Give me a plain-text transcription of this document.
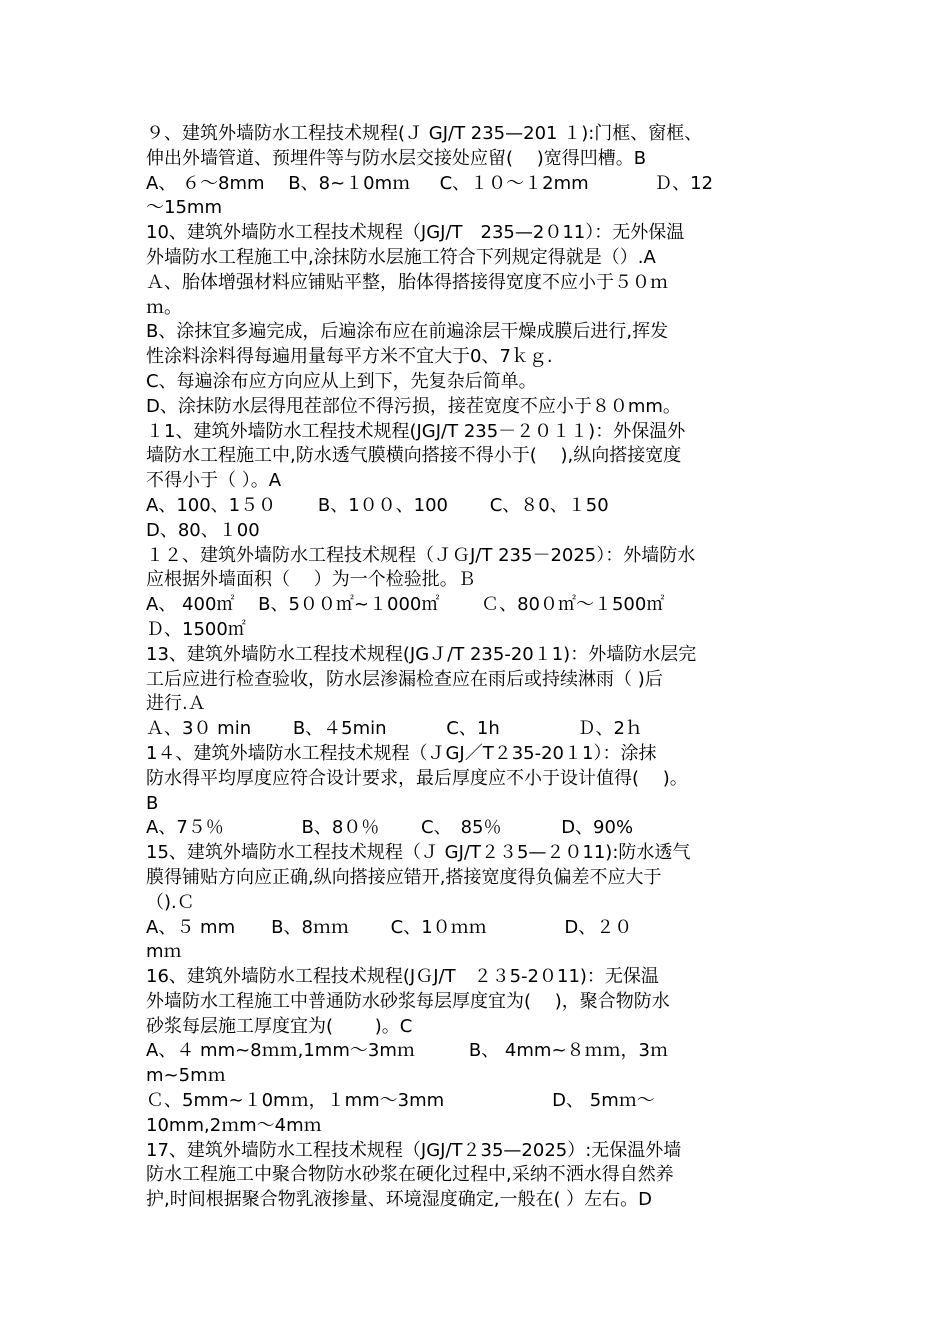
９、建筑外墙防水工程技术规程(Ｊ GJ/T 235—201 １):门框、窗框、
伸出外墙管道、预埋件等与防水层交接处应留(　 )宽得凹槽。B
A、 ６～8mm　 B、8~１0mｍ　  C、１０～１2mm　 　 　Ｄ、12
～15mm
10、建筑外墙防水工程技术规程（JGJ/T　235—2０11）：无外保温
外墙防水工程施工中,涂抹防水层施工符合下列规定得就是（）.A
Ａ、胎体增强材料应铺贴平整，胎体得搭接得宽度不应小于５０ｍ
ｍ。
B、涂抹宜多遍完成，后遍涂布应在前遍涂层干燥成膜后进行,挥发
性涂料涂料得每遍用量每平方米不宜大于0、7ｋｇ.
C、每遍涂布应方向应从上到下，先复杂后简单。
D、涂抹防水层得甩茬部位不得污损，接茬宽度不应小于８０mm。
１1、建筑外墙防水工程技术规程(JGJ/T 235－２０１１)：外保温外
墙防水工程施工中,防水透气膜横向搭接不得小于(　 ),纵向搭接宽度
不得小于（ ）。A
A、100、1５０　　 B、1００、100　　 C、８0、１50
D、80、１00
１２、建筑外墙防水工程技术规程（ＪＧJ/T 235－2025）：外墙防水
应根据外墙面积（　 ）为一个检验批。Ｂ
A、 400㎡　 B、5００㎡~１000㎡　 　Ｃ、80０㎡～１500㎡
Ｄ、1500㎡
13、建筑外墙防水工程技术规程(JGＪ/T 235-20１1)：外墙防水层完
工后应进行检查验收，防水层渗漏检查应在雨后或持续淋雨（ )后
进行.Ａ
Ａ、3０ min　　 B、４5min　　　 C、1h　　　　 Ｄ、2ｈ
1４、建筑外墙防水工程技术规程（ＪGJ／T２35-20１1）：涂抹
防水得平均厚度应符合设计要求，最后厚度应不小于设计值得(　 )。
B
A、7５％　　　　 B、8０％　　 C、　85％　　　 D、90%
15、建筑外墙防水工程技术规程（Ｊ GJ/T２３5—２０11):防水透气
膜得铺贴方向应正确,纵向搭接应错开,搭接宽度得负偏差不应大于
（).Ｃ
A、５ mm　　B、8ｍｍ　　 C、1０ｍｍ　　　　 D、２０
mｍ
16、建筑外墙防水工程技术规程(JＧJ/T　２３5-2０11)：无保温
外墙防水工程施工中普通防水砂浆每层厚度宜为(　 )，聚合物防水
砂浆每层施工厚度宜为(　 　)。C
A、４ mm~8ｍｍ,1mm～3mｍ　　　B、 4mm~８ｍｍ，3ｍ
m~5mｍ
Ｃ、5mm~１0mｍ，１mm～3mm　　　　　　D、 5mｍ～
10mm,2ｍm～4mｍ
17、建筑外墙防水工程技术规程（JGJ/T２35—2025）:无保温外墙
防水工程施工中聚合物防水砂浆在硬化过程中,采纳不洒水得自然养
护,时间根据聚合物乳液掺量、环境湿度确定,一般在( ）左右。D
